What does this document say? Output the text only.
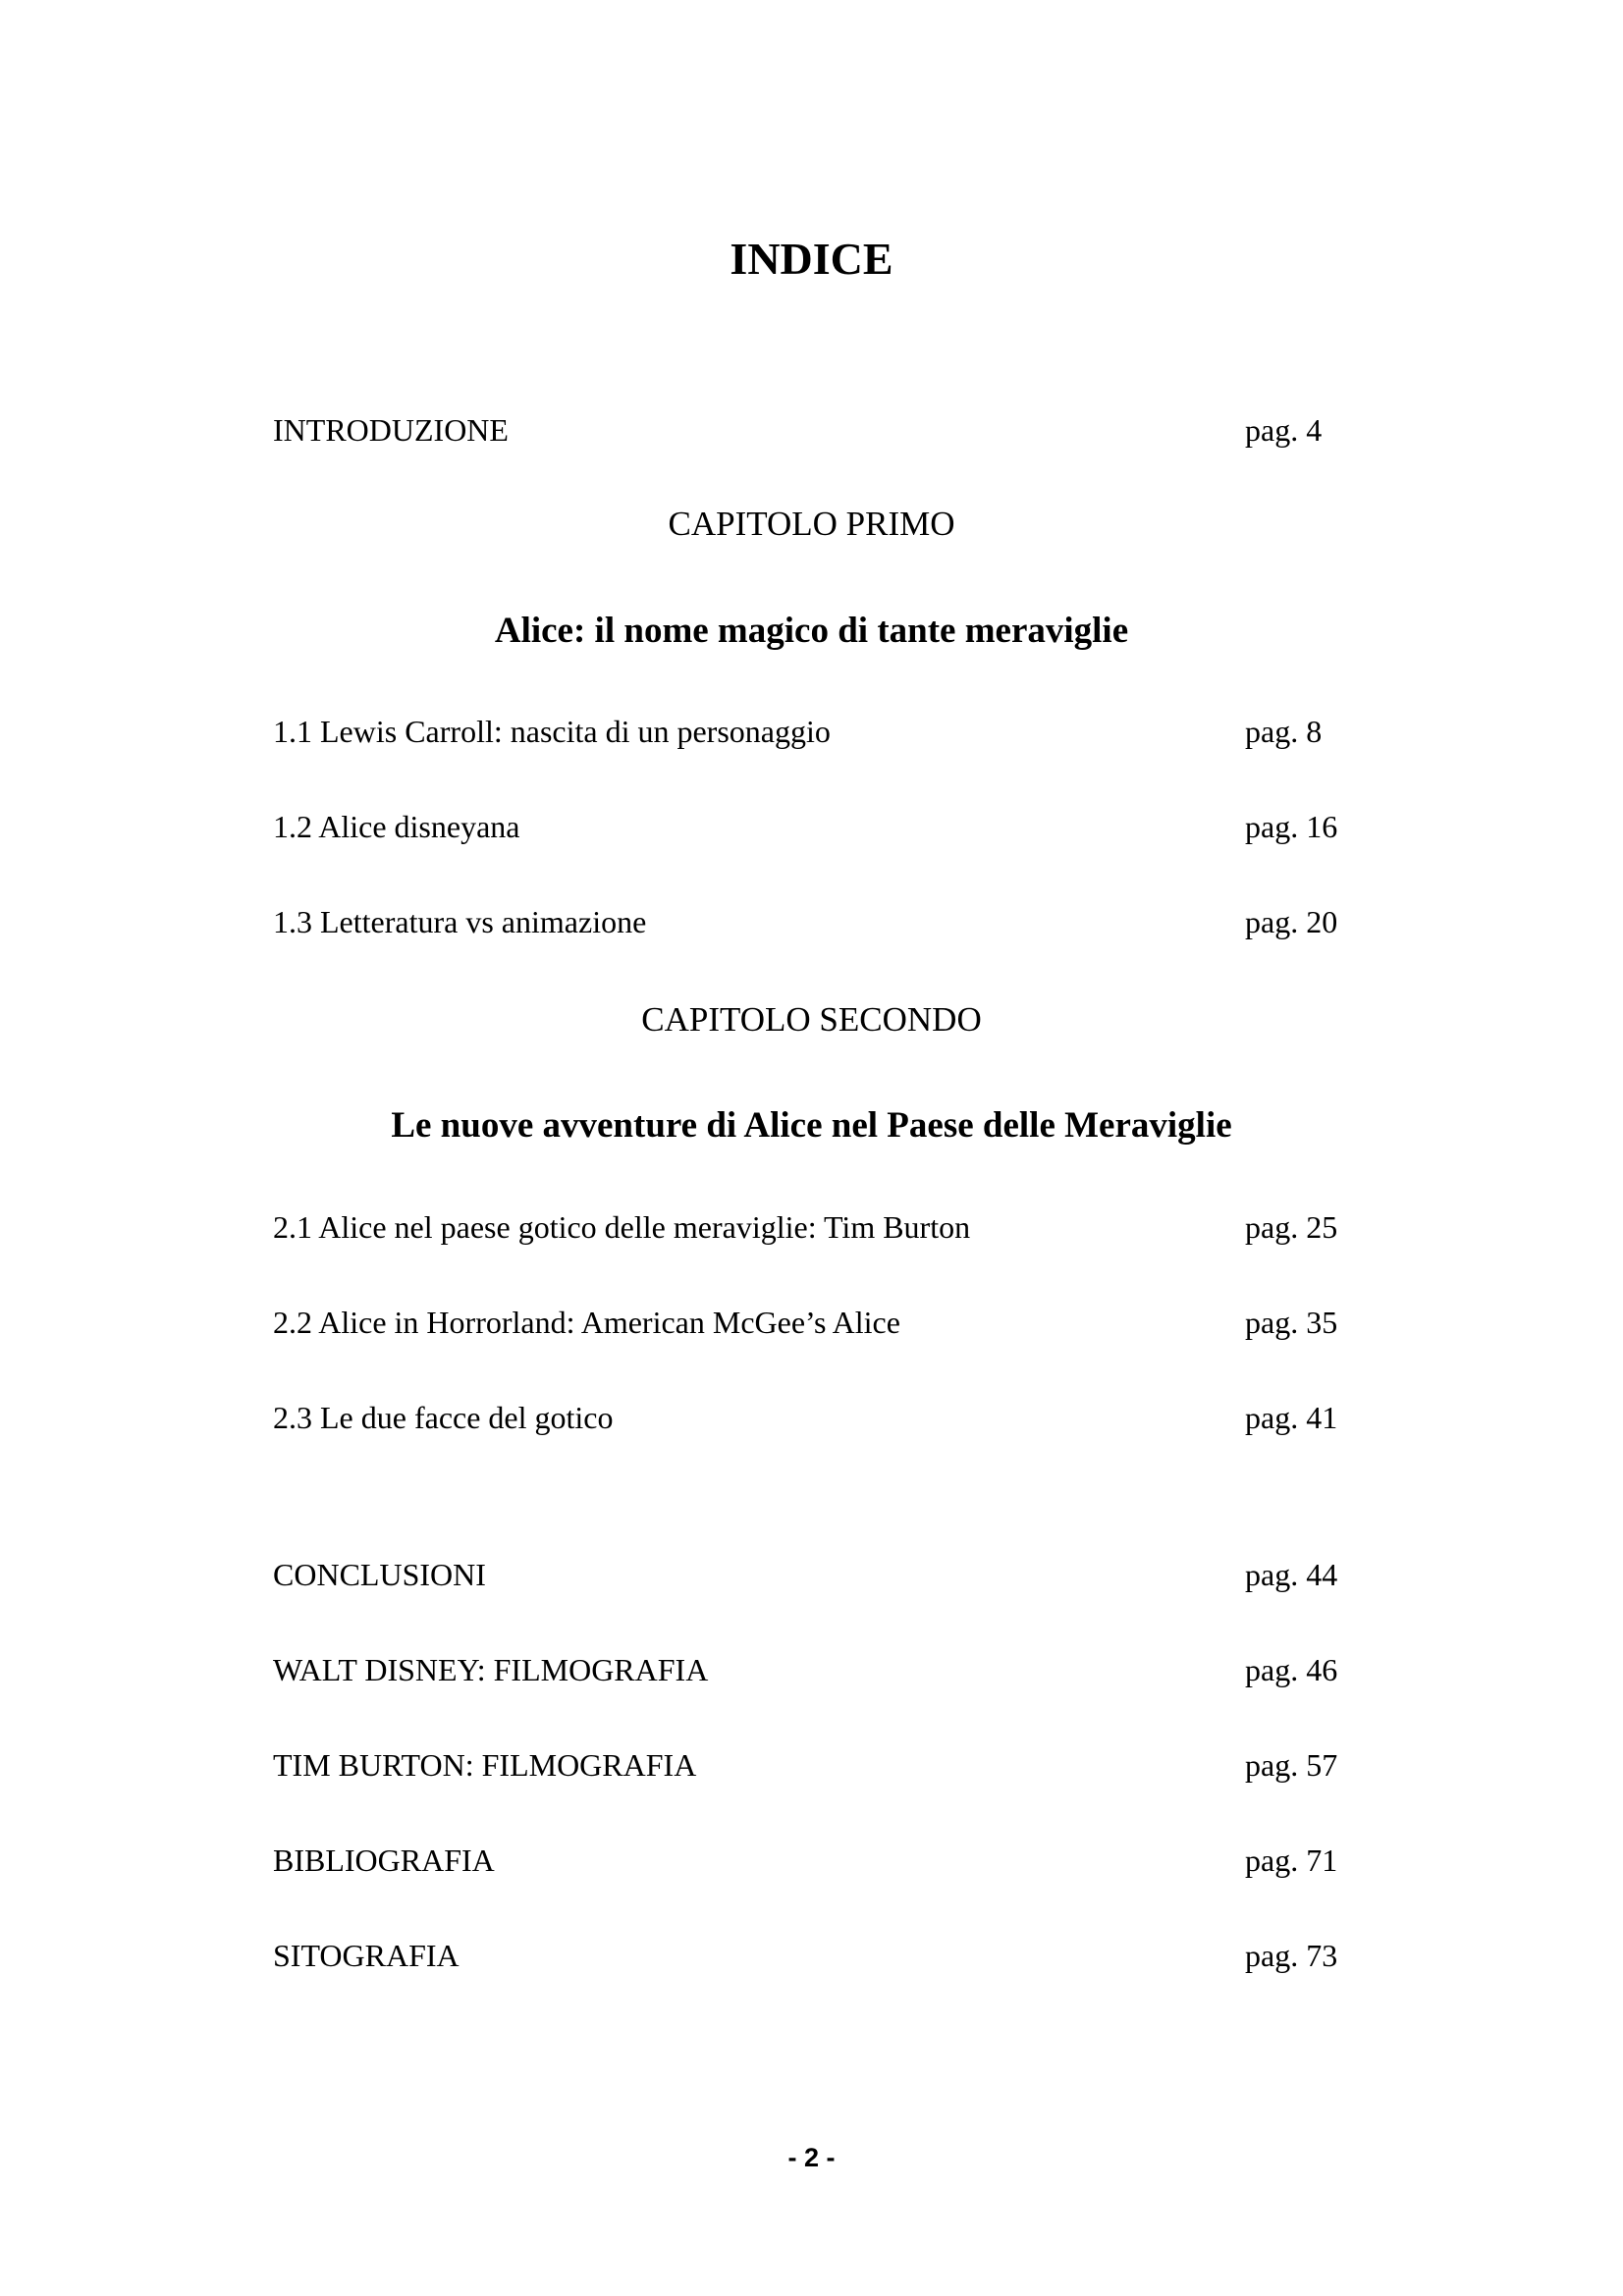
INDICE
INTRODUZIONE	pag. 4
CAPITOLO PRIMO
Alice: il nome magico di tante meraviglie
1.1 Lewis Carroll: nascita di un personaggio	pag. 8
1.2 Alice disneyana	pag. 16
1.3 Letteratura vs animazione	pag. 20
CAPITOLO SECONDO
Le nuove avventure di Alice nel Paese delle Meraviglie
2.1 Alice nel paese gotico delle meraviglie: Tim Burton	pag. 25
2.2 Alice in Horrorland: American McGee’s Alice	pag. 35
2.3 Le due facce del gotico	pag. 41
CONCLUSIONI	pag. 44
WALT DISNEY: FILMOGRAFIA	pag. 46
TIM BURTON: FILMOGRAFIA	pag. 57
BIBLIOGRAFIA	pag. 71
SITOGRAFIA	pag. 73
- 2 -
